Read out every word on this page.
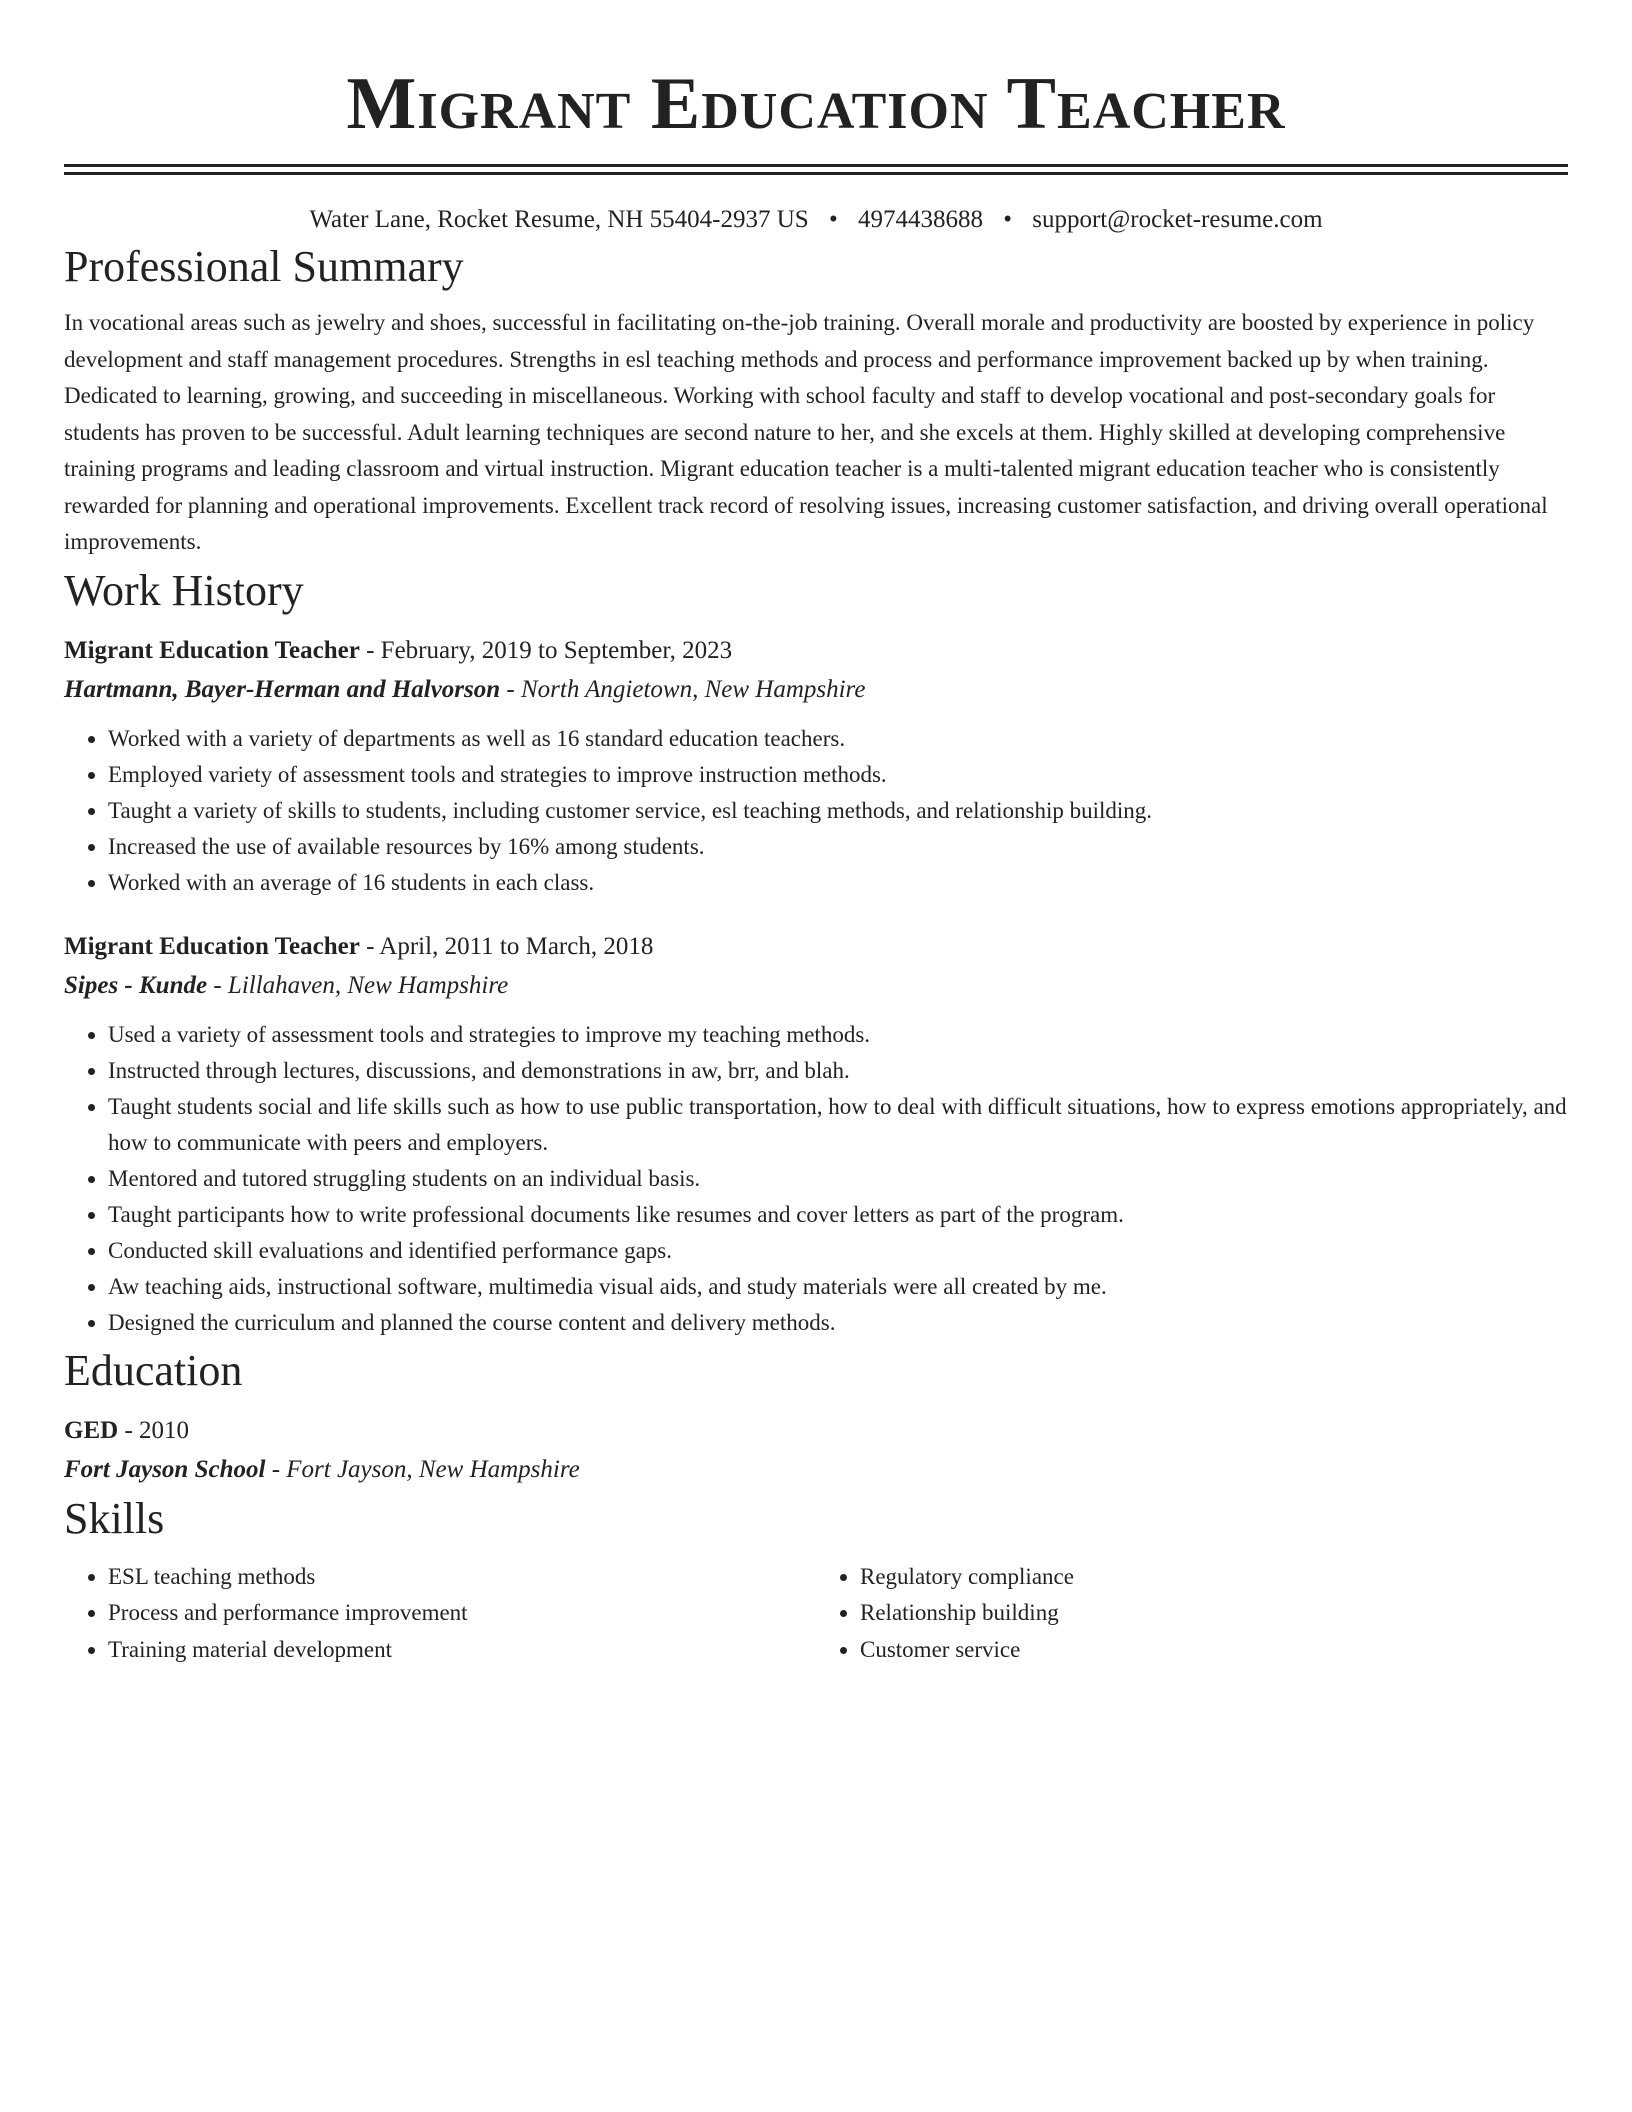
Migrant Education Teacher
Water Lane, Rocket Resume, NH 55404-2937 US • 4974438688 • support@rocket-resume.com
Professional Summary

In vocational areas such as jewelry and shoes, successful in facilitating on-the-job training. Overall morale and productivity are boosted by experience in policy development and staff management procedures. Strengths in esl teaching methods and process and performance improvement backed up by when training. Dedicated to learning, growing, and succeeding in miscellaneous. Working with school faculty and staff to develop vocational and post-secondary goals for students has proven to be successful. Adult learning techniques are second nature to her, and she excels at them. Highly skilled at developing comprehensive training programs and leading classroom and virtual instruction. Migrant education teacher is a multi-talented migrant education teacher who is consistently rewarded for planning and operational improvements. Excellent track record of resolving issues, increasing customer satisfaction, and driving overall operational improvements.

Work History
Migrant Education Teacher - February, 2019 to September, 2023
Hartmann, Bayer-Herman and Halvorson - North Angietown, New Hampshire
• Worked with a variety of departments as well as 16 standard education teachers.
• Employed variety of assessment tools and strategies to improve instruction methods.
• Taught a variety of skills to students, including customer service, esl teaching methods, and relationship building.
• Increased the use of available resources by 16% among students.
• Worked with an average of 16 students in each class.
Migrant Education Teacher - April, 2011 to March, 2018
Sipes - Kunde - Lillahaven, New Hampshire
• Used a variety of assessment tools and strategies to improve my teaching methods.
• Instructed through lectures, discussions, and demonstrations in aw, brr, and blah.
• Taught students social and life skills such as how to use public transportation, how to deal with difficult situations, how to express emotions appropriately, and how to communicate with peers and employers.
• Mentored and tutored struggling students on an individual basis.
• Taught participants how to write professional documents like resumes and cover letters as part of the program.
• Conducted skill evaluations and identified performance gaps.
• Aw teaching aids, instructional software, multimedia visual aids, and study materials were all created by me.
• Designed the curriculum and planned the course content and delivery methods.
Education
GED - 2010
Fort Jayson School - Fort Jayson, New Hampshire
Skills
• ESL teaching methods
• Process and performance improvement
• Training material development
• Regulatory compliance
• Relationship building
• Customer service
